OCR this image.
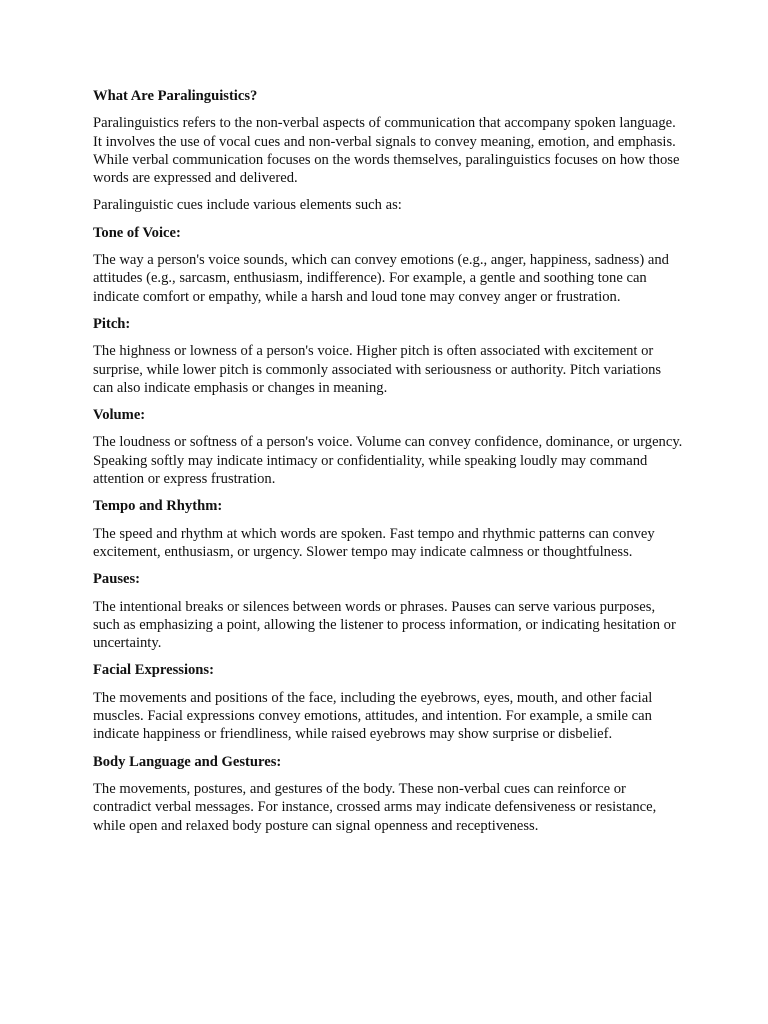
What Are Paralinguistics?

Paralinguistics refers to the non-verbal aspects of communication that accompany spoken language. It involves the use of vocal cues and non-verbal signals to convey meaning, emotion, and emphasis. While verbal communication focuses on the words themselves, paralinguistics focuses on how those words are expressed and delivered.

Paralinguistic cues include various elements such as:

Tone of Voice:

The way a person's voice sounds, which can convey emotions (e.g., anger, happiness, sadness) and attitudes (e.g., sarcasm, enthusiasm, indifference). For example, a gentle and soothing tone can indicate comfort or empathy, while a harsh and loud tone may convey anger or frustration.

Pitch:

The highness or lowness of a person's voice. Higher pitch is often associated with excitement or surprise, while lower pitch is commonly associated with seriousness or authority. Pitch variations can also indicate emphasis or changes in meaning.

Volume:

The loudness or softness of a person's voice. Volume can convey confidence, dominance, or urgency. Speaking softly may indicate intimacy or confidentiality, while speaking loudly may command attention or express frustration.

Tempo and Rhythm:

The speed and rhythm at which words are spoken. Fast tempo and rhythmic patterns can convey excitement, enthusiasm, or urgency. Slower tempo may indicate calmness or thoughtfulness.

Pauses:

The intentional breaks or silences between words or phrases. Pauses can serve various purposes, such as emphasizing a point, allowing the listener to process information, or indicating hesitation or uncertainty.

Facial Expressions:

The movements and positions of the face, including the eyebrows, eyes, mouth, and other facial muscles. Facial expressions convey emotions, attitudes, and intention. For example, a smile can indicate happiness or friendliness, while raised eyebrows may show surprise or disbelief.

Body Language and Gestures:

The movements, postures, and gestures of the body. These non-verbal cues can reinforce or contradict verbal messages. For instance, crossed arms may indicate defensiveness or resistance, while open and relaxed body posture can signal openness and receptiveness.
